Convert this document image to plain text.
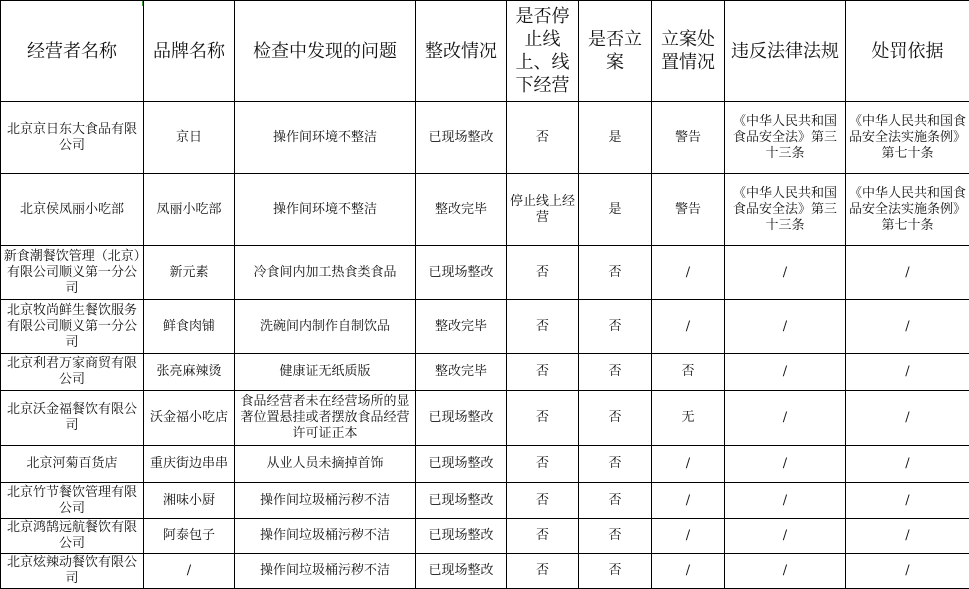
经营者名称	品牌名称	检查中发现的问题	整改情况	是否停止线上、线下经营	是否立案	立案处置情况	违反法律法规	处罚依据
北京京日东大食品有限公司	京日	操作间环境不整洁	已现场整改	否	是	警告	《中华人民共和国食品安全法》第三十三条	《中华人民共和国食品安全法实施条例》第七十条
北京侯凤丽小吃部	凤丽小吃部	操作间环境不整洁	整改完毕	停止线上经营	是	警告	《中华人民共和国食品安全法》第三十三条	《中华人民共和国食品安全法实施条例》第七十条
新食潮餐饮管理（北京）有限公司顺义第一分公司	新元素	冷食间内加工热食类食品	已现场整改	否	否	/	/	/
北京牧尚鲜生餐饮服务有限公司顺义第一分公司	鲜食肉铺	洗碗间内制作自制饮品	整改完毕	否	否	/	/	/
北京利君万家商贸有限公司	张亮麻辣烫	健康证无纸质版	整改完毕	否	否	否	/	/
北京沃金福餐饮有限公司	沃金福小吃店	食品经营者未在经营场所的显著位置悬挂或者摆放食品经营许可证正本	已现场整改	否	否	无	/	/
北京河菊百货店	重庆街边串串	从业人员未摘掉首饰	已现场整改	否	否	/	/	/
北京竹节餐饮管理有限公司	湘味小厨	操作间垃圾桶污秽不洁	已现场整改	否	否	/	/	/
北京鸿鹄远航餐饮有限公司	阿泰包子	操作间垃圾桶污秽不洁	已现场整改	否	否	/	/	/
北京炫辣动餐饮有限公司	/	操作间垃圾桶污秽不洁	已现场整改	否	否	/	/	/
